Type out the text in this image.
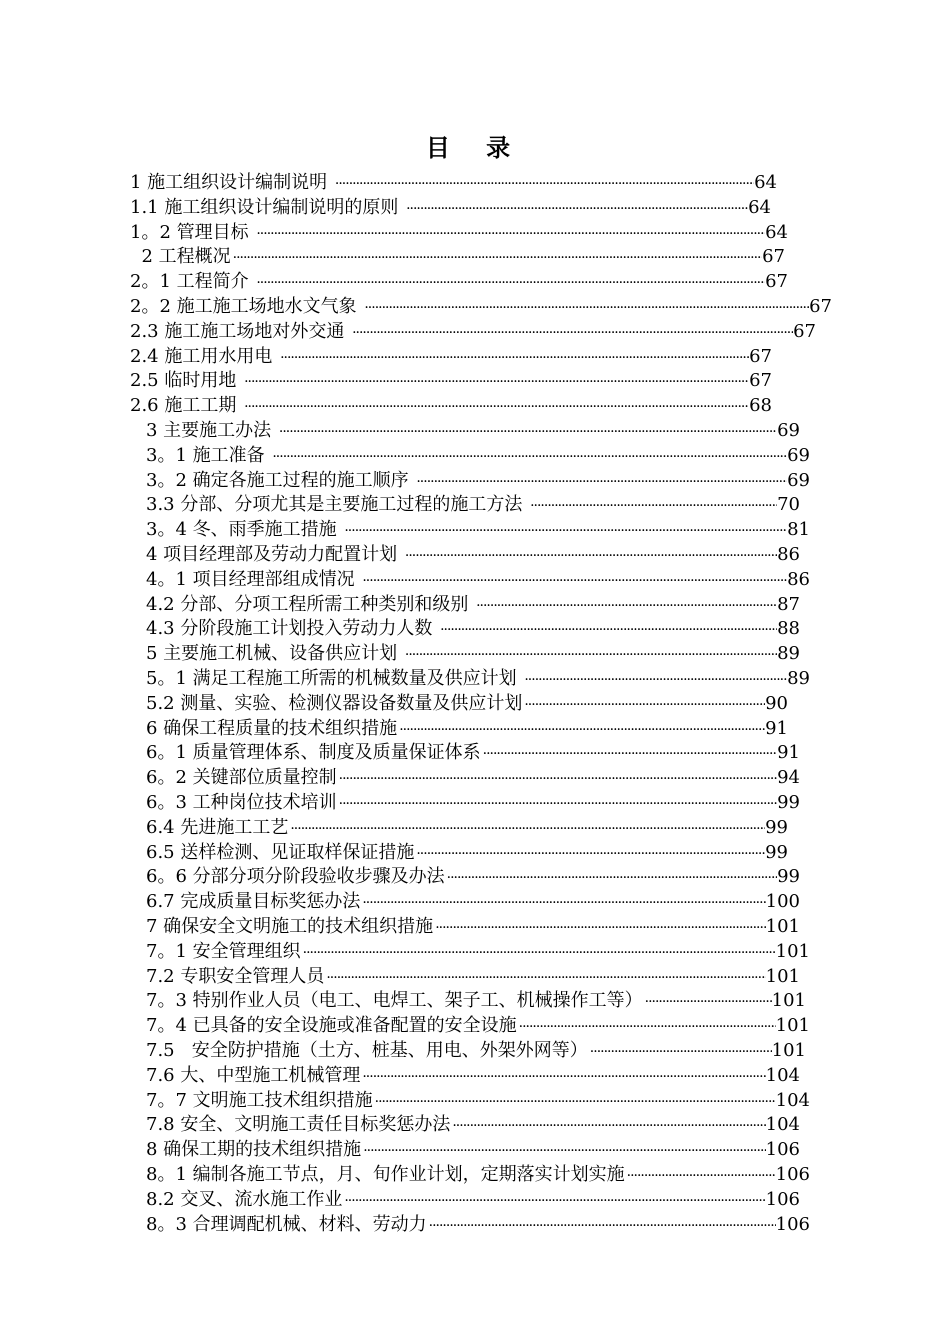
目 录
1 施工组织设计编制说明 ·····	64
1.1 施工组织设计编制说明的原则 ·····	64
1。2 管理目标 ·····	64
2 工程概况 ·····	67
2。1 工程简介 ·····	67
2。2 施工施工场地水文气象 ·····	67
2.3 施工施工场地对外交通 ·····	67
2.4 施工用水用电 ·····	67
2.5 临时用地 ·····	67
2.6 施工工期 ·····	68
3 主要施工办法 ·····	69
3。1 施工准备 ·····	69
3。2 确定各施工过程的施工顺序 ·····	69
3.3 分部、分项尤其是主要施工过程的施工方法 ·····	70
3。4 冬、雨季施工措施 ·····	81
4 项目经理部及劳动力配置计划 ·····	86
4。1 项目经理部组成情况 ·····	86
4.2 分部、分项工程所需工种类别和级别 ·····	87
4.3 分阶段施工计划投入劳动力人数 ·····	88
5 主要施工机械、设备供应计划 ·····	89
5。1 满足工程施工所需的机械数量及供应计划 ·····	89
5.2 测量、实验、检测仪器设备数量及供应计划 ·····	90
6 确保工程质量的技术组织措施 ·····	91
6。1 质量管理体系、制度及质量保证体系 ·····	91
6。2 关键部位质量控制 ·····	94
6。3 工种岗位技术培训 ·····	99
6.4 先进施工工艺 ·····	99
6.5 送样检测、见证取样保证措施 ·····	99
6。6 分部分项分阶段验收步骤及办法 ·····	99
6.7 完成质量目标奖惩办法 ·····	100
7 确保安全文明施工的技术组织措施 ·····	101
7。1 安全管理组织 ·····	101
7.2 专职安全管理人员 ·····	101
7。3 特别作业人员（电工、电焊工、架子工、机械操作工等） ·····	101
7。4 已具备的安全设施或准备配置的安全设施 ·····	101
7.5   安全防护措施（土方、桩基、用电、外架外网等） ·····	101
7.6 大、中型施工机械管理 ·····	104
7。7 文明施工技术组织措施 ·····	104
7.8 安全、文明施工责任目标奖惩办法 ·····	104
8 确保工期的技术组织措施 ·····	106
8。1 编制各施工节点，月、旬作业计划，定期落实计划实施 ·····	106
8.2 交叉、流水施工作业 ·····	106
8。3 合理调配机械、材料、劳动力 ·····	106
